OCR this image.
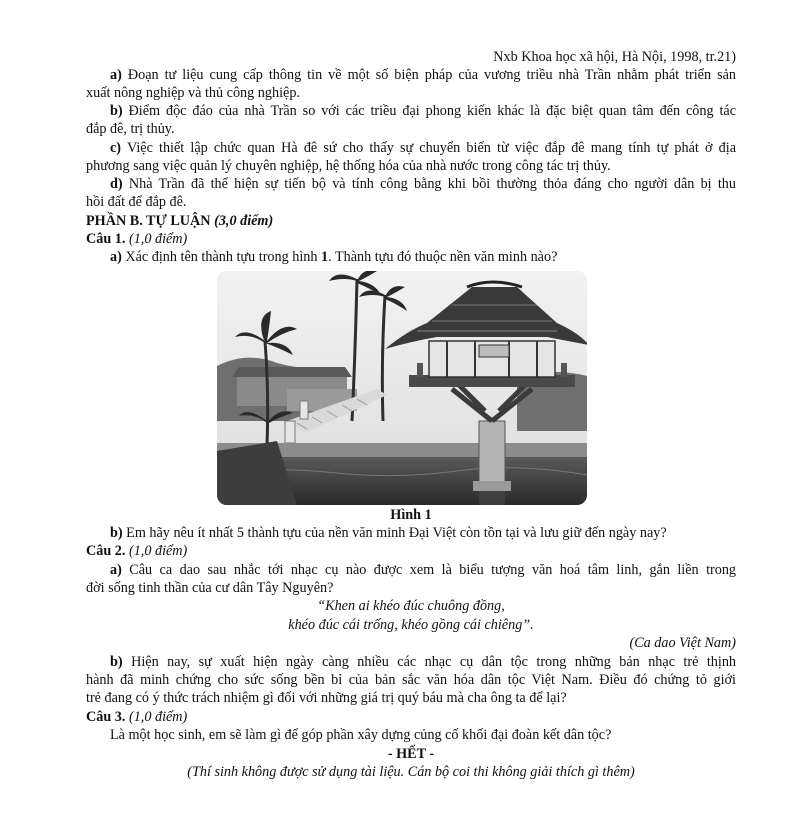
Nxb Khoa học xã hội, Hà Nội, 1998, tr.21)
a) Đoạn tư liệu cung cấp thông tin về một số biện pháp của vương triều nhà Trần nhằm phát triển sản
xuất nông nghiệp và thủ công nghiệp.
b) Điểm độc đáo của nhà Trần so với các triều đại phong kiến khác là đặc biệt quan tâm đến công tác
đắp đê, trị thủy.
c) Việc thiết lập chức quan Hà đê sứ cho thấy sự chuyển biến từ việc đắp đê mang tính tự phát ở địa
phương sang việc quản lý chuyên nghiệp, hệ thống hóa của nhà nước trong công tác trị thủy.
d) Nhà Trần đã thể hiện sự tiến bộ và tính công bằng khi bồi thường thỏa đáng cho người dân bị thu
hồi đất để đắp đê.
PHẦN B. TỰ LUẬN (3,0 điểm)
Câu 1. (1,0 điểm)
a) Xác định tên thành tựu trong hình 1. Thành tựu đó thuộc nền văn minh nào?
Hình 1
b) Em hãy nêu ít nhất 5 thành tựu của nền văn minh Đại Việt còn tồn tại và lưu giữ đến ngày nay?
Câu 2. (1,0 điểm)
a) Câu ca dao sau nhắc tới nhạc cụ nào được xem là biểu tượng văn hoá tâm linh, gắn liền trong
đời sống tinh thần của cư dân Tây Nguyên?
“Khen ai khéo đúc chuông đồng,
khéo đúc cái trống, khéo gồng cái chiêng”.
(Ca dao Việt Nam)
b) Hiện nay, sự xuất hiện ngày càng nhiều các nhạc cụ dân tộc trong những bản nhạc trẻ thịnh
hành đã minh chứng cho sức sống bền bỉ của bản sắc văn hóa dân tộc Việt Nam. Điều đó chứng tỏ giới
trẻ đang có ý thức trách nhiệm gì đối với những giá trị quý báu mà cha ông ta để lại?
Câu 3. (1,0 điểm)
Là một học sinh, em sẽ làm gì để góp phần xây dựng củng cố khối đại đoàn kết dân tộc?
- HẾT -
(Thí sinh không được sử dụng tài liệu. Cán bộ coi thi không giải thích gì thêm)
